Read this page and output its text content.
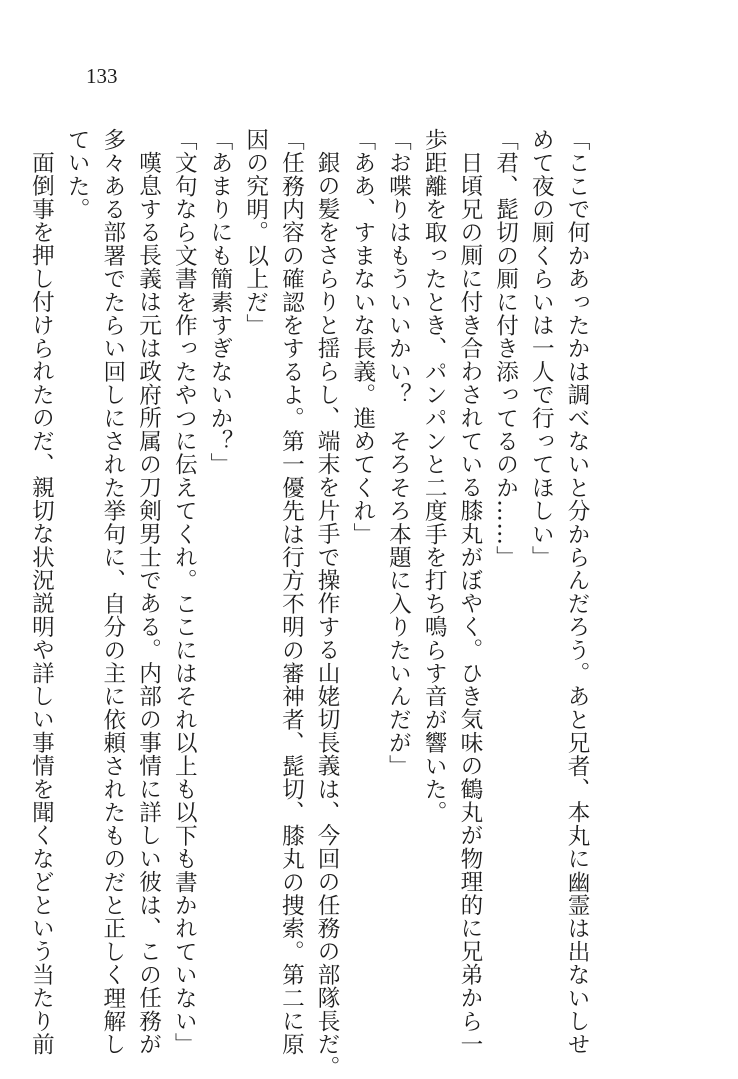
133
「ここで何かあったかは調べないと分からんだろう。あと兄者、本丸に幽霊は出ないしせ
めて夜の厠くらいは一人で行ってほしい」
「君、髭切の厠に付き添ってるのか……」
日頃兄の厠に付き合わされている膝丸がぼやく。ひき気味の鶴丸が物理的に兄弟から一
歩距離を取ったとき、パンパンと二度手を打ち鳴らす音が響いた。
「お喋りはもういいかい？　そろそろ本題に入りたいんだが」
「ああ、すまないな長義。進めてくれ」
銀の髪をさらりと揺らし、端末を片手で操作する山姥切長義は、今回の任務の部隊長だ。
「任務内容の確認をするよ。第一優先は行方不明の審神者、髭切、膝丸の捜索。第二に原
因の究明。以上だ」
「あまりにも簡素すぎないか？」
「文句なら文書を作ったやつに伝えてくれ。ここにはそれ以上も以下も書かれていない」
嘆息する長義は元は政府所属の刀剣男士である。内部の事情に詳しい彼は、この任務が
多々ある部署でたらい回しにされた挙句に、自分の主に依頼されたものだと正しく理解し
ていた。
面倒事を押し付けられたのだ、親切な状況説明や詳しい事情を聞くなどという当たり前
